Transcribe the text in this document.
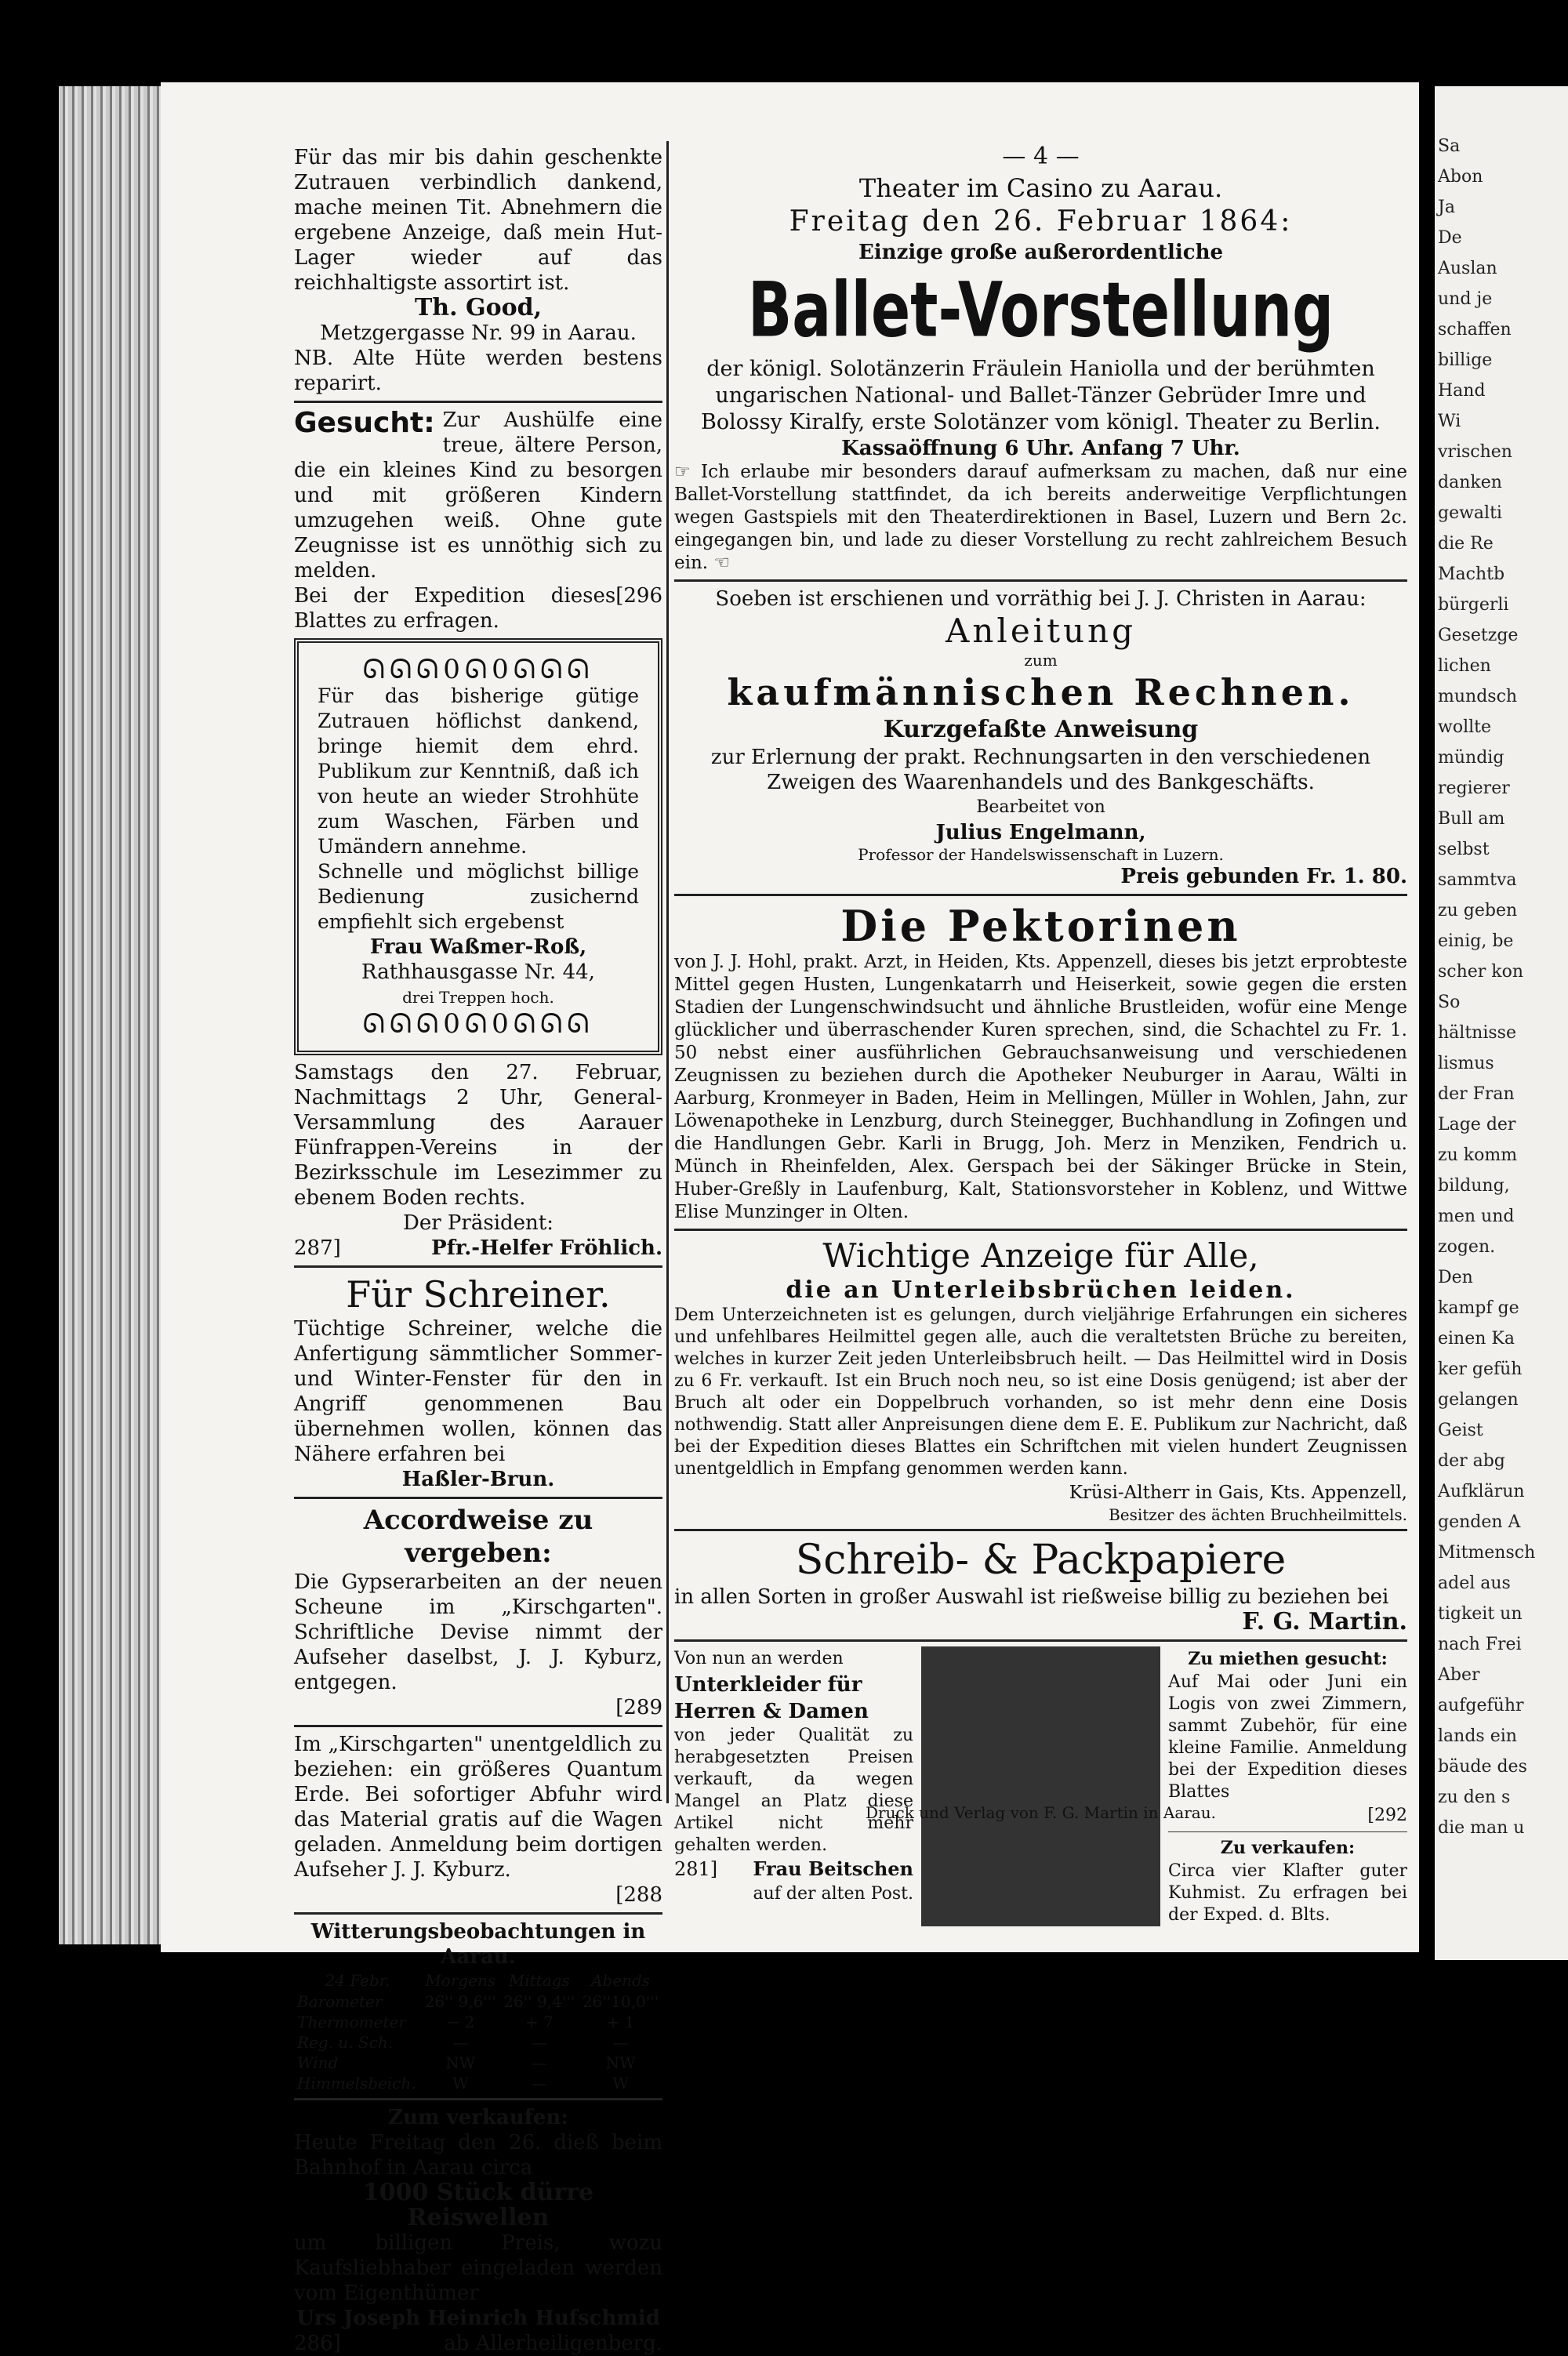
Sa
Abon
Ja
De
Auslan
und je
schaffen
billige
Hand
Wi
vrischen
danken
gewalti
die Re
Machtb
bürgerli
Gesetzge
lichen
mundsch
wollte
mündig
regierer
Bull am
selbst
sammtva
zu geben
einig, be
scher kon
So
hältnisse
lismus
der Fran
Lage der
zu komm
bildung,
men und
zogen.
Den
kampf ge
einen Ka
ker gefüh
gelangen
Geist
der abg
Aufklärun
genden A
Mitmensch
adel aus
tigkeit un
nach Frei
Aber
aufgeführ
lands ein
bäude des
zu den s
die man u
Für das mir bis dahin geschenkte Zutrauen verbindlich dankend, mache meinen Tit. Abnehmern die ergebene Anzeige, daß mein Hut-Lager wieder auf das reichhaltigste assortirt ist.
Th. Good,
Metzgergasse Nr. 99 in Aarau.
NB. Alte Hüte werden bestens reparirt.
Gesucht: Zur Aushülfe eine treue, ältere Person, die ein kleines Kind zu besorgen und mit größeren Kindern umzugehen weiß. Ohne gute Zeugnisse ist es unnöthig sich zu melden.
Bei der Expedition dieses Blattes zu erfragen.
[296
ᘏᘏᘏ0ᘏ0ᘏᘏᘏ
Für das bisherige gütige Zutrauen höflichst dankend, bringe hiemit dem ehrd. Publikum zur Kenntniß, daß ich von heute an wieder Strohhüte zum Waschen, Färben und Umändern annehme.
Schnelle und möglichst billige Bedienung zusichernd empfiehlt sich ergebenst
Frau Waßmer-Roß,
Rathhausgasse Nr. 44,
drei Treppen hoch.
ᘏᘏᘏ0ᘏ0ᘏᘏᘏ
Samstags den 27. Februar, Nachmittags 2 Uhr, General-Versammlung des Aarauer Fünfrappen-Vereins in der Bezirksschule im Lesezimmer zu ebenem Boden rechts.
Der Präsident:
287]	Pfr.-Helfer Fröhlich.
Für Schreiner.
Tüchtige Schreiner, welche die Anfertigung sämmtlicher Sommer- und Winter-Fenster für den in Angriff genommenen Bau übernehmen wollen, können das Nähere erfahren bei
Haßler-Brun.
Accordweise zu vergeben:
Die Gypserarbeiten an der neuen Scheune im „Kirschgarten". Schriftliche Devise nimmt der Aufseher daselbst, J. J. Kyburz, entgegen.
[289
Im „Kirschgarten" unentgeldlich zu beziehen: ein größeres Quantum Erde. Bei sofortiger Abfuhr wird das Material gratis auf die Wagen geladen. Anmeldung beim dortigen Aufseher J. J. Kyburz.
[288
Witterungsbeobachtungen in Aarau.
24 Febr.	Morgens	Mittags	Abends
Barometer	26'' 9,6'''	26'' 9,4'''	26''10,0'''
Thermometer	− 2	+ 7	+ 1
Reg. u. Sch.	—	—	—
Wind	NW	—	NW
Himmelsbeich.	W	—	W
Zum verkaufen:
Heute Freitag den 26. dieß beim Bahnhof in Aarau circa
1000 Stück dürre Reiswellen
um billigen Preis, wozu Kaufsliebhaber eingeladen werden vom Eigenthümer
Urs Joseph Heinrich Hufschmid
286]	ab Allerheiligenberg.
— 4 —
Theater im Casino zu Aarau.
Freitag den 26. Februar 1864:
Einzige große außerordentliche
Ballet-Vorstellung
der königl. Solotänzerin Fräulein Haniolla und der berühmten ungarischen National- und Ballet-Tänzer Gebrüder Imre und Bolossy Kiralfy, erste Solotänzer vom königl. Theater zu Berlin.
Kassaöffnung 6 Uhr. Anfang 7 Uhr.
☞ Ich erlaube mir besonders darauf aufmerksam zu machen, daß nur eine Ballet-Vorstellung stattfindet, da ich bereits anderweitige Verpflichtungen wegen Gastspiels mit den Theaterdirektionen in Basel, Luzern und Bern 2c. eingegangen bin, und lade zu dieser Vorstellung zu recht zahlreichem Besuch ein. ☜
Soeben ist erschienen und vorräthig bei J. J. Christen in Aarau:
Anleitung
zum
kaufmännischen Rechnen.
Kurzgefaßte Anweisung
zur Erlernung der prakt. Rechnungsarten in den verschiedenen Zweigen des Waarenhandels und des Bankgeschäfts.
Bearbeitet von
Julius Engelmann,
Professor der Handelswissenschaft in Luzern.
Preis gebunden Fr. 1. 80.
Die Pektorinen
von J. J. Hohl, prakt. Arzt, in Heiden, Kts. Appenzell, dieses bis jetzt erprobteste Mittel gegen Husten, Lungenkatarrh und Heiserkeit, sowie gegen die ersten Stadien der Lungenschwindsucht und ähnliche Brustleiden, wofür eine Menge glücklicher und überraschender Kuren sprechen, sind, die Schachtel zu Fr. 1. 50 nebst einer ausführlichen Gebrauchsanweisung und verschiedenen Zeugnissen zu beziehen durch die Apotheker Neuburger in Aarau, Wälti in Aarburg, Kronmeyer in Baden, Heim in Mellingen, Müller in Wohlen, Jahn, zur Löwenapotheke in Lenzburg, durch Steinegger, Buchhandlung in Zofingen und die Handlungen Gebr. Karli in Brugg, Joh. Merz in Menziken, Fendrich u. Münch in Rheinfelden, Alex. Gerspach bei der Säkinger Brücke in Stein, Huber-Greßly in Laufenburg, Kalt, Stationsvorsteher in Koblenz, und Wittwe Elise Munzinger in Olten.
Wichtige Anzeige für Alle,
die an Unterleibsbrüchen leiden.
Dem Unterzeichneten ist es gelungen, durch vieljährige Erfahrungen ein sicheres und unfehlbares Heilmittel gegen alle, auch die veraltetsten Brüche zu bereiten, welches in kurzer Zeit jeden Unterleibsbruch heilt. — Das Heilmittel wird in Dosis zu 6 Fr. verkauft. Ist ein Bruch noch neu, so ist eine Dosis genügend; ist aber der Bruch alt oder ein Doppelbruch vorhanden, so ist mehr denn eine Dosis nothwendig. Statt aller Anpreisungen diene dem E. E. Publikum zur Nachricht, daß bei der Expedition dieses Blattes ein Schriftchen mit vielen hundert Zeugnissen unentgeldlich in Empfang genommen werden kann.
Krüsi-Altherr in Gais, Kts. Appenzell,
Besitzer des ächten Bruchheilmittels.
Schreib- & Packpapiere
in allen Sorten in großer Auswahl ist rießweise billig zu beziehen bei
F. G. Martin.
Von nun an werden
Unterkleider für Herren & Damen
von jeder Qualität zu herabgesetzten Preisen verkauft, da wegen Mangel an Platz diese Artikel nicht mehr gehalten werden.
281] Frau Beitschen
auf der alten Post.
Zu miethen gesucht:
Auf Mai oder Juni ein Logis von zwei Zimmern, sammt Zubehör, für eine kleine Familie. Anmeldung bei der Expedition dieses Blattes
[292
Zu verkaufen:
Circa vier Klafter guter Kuhmist. Zu erfragen bei der Exped. d. Blts.
Druck und Verlag von F. G. Martin in Aarau.
